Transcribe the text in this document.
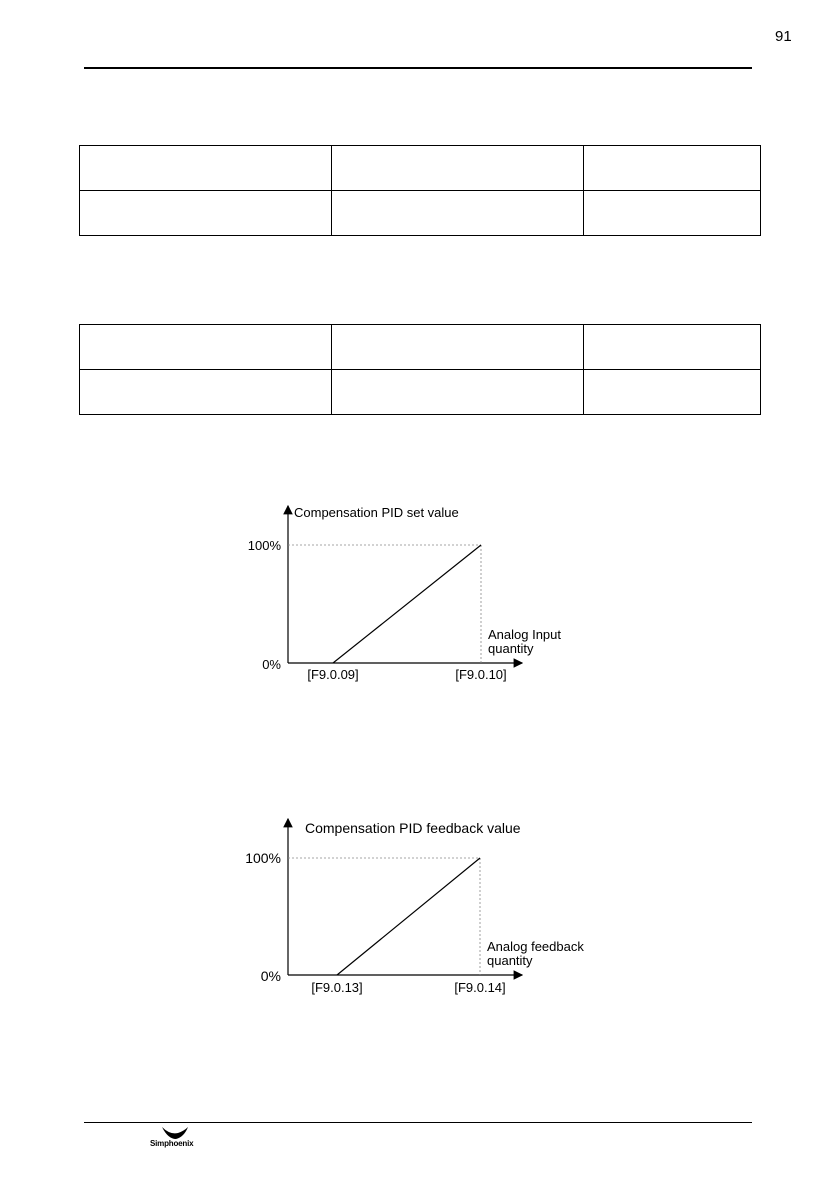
91

0%
100%
[F9.0.09]	[F9.0.10]
Compensation PID set value
Analog Input
quantity
0%
100%
[F9.0.13]	[F9.0.14]
Compensation PID feedback value
Analog feedback
quantity
Simphoenix
